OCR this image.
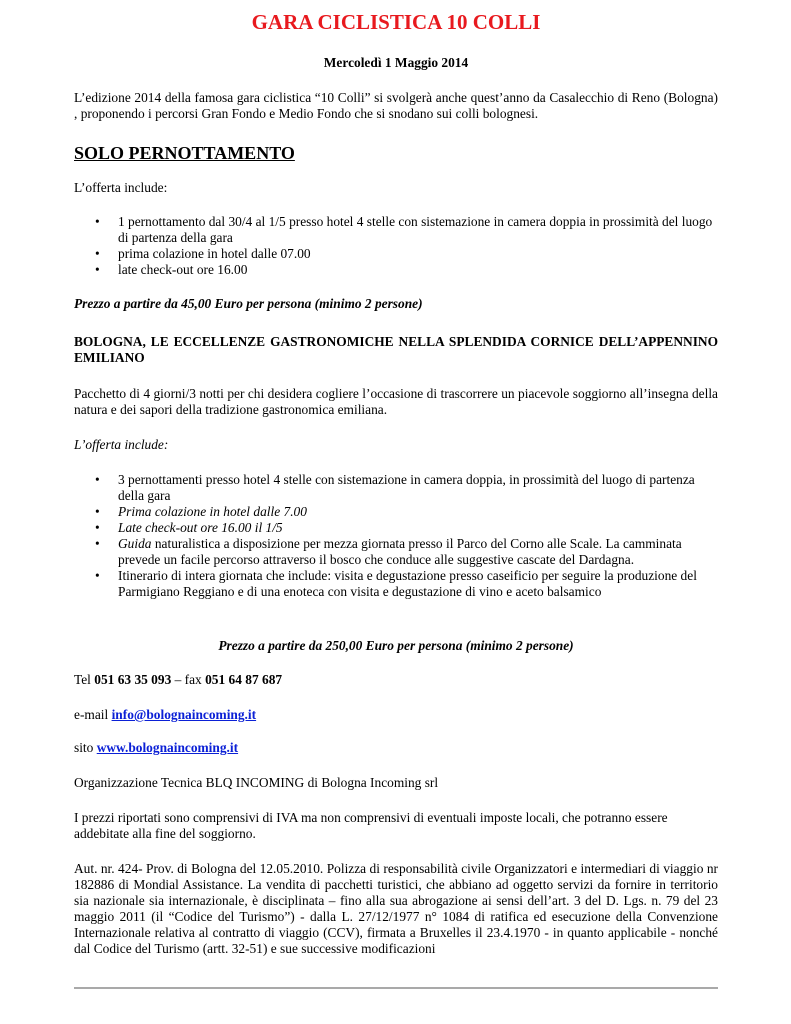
GARA CICLISTICA 10 COLLI
Mercoledì 1 Maggio 2014
L’edizione 2014 della famosa gara ciclistica “10 Colli” si svolgerà anche quest’anno da Casalecchio di Reno (Bologna) , proponendo i percorsi Gran Fondo e Medio Fondo che si snodano sui colli bolognesi.
SOLO PERNOTTAMENTO
L’offerta include:
• 1 pernottamento dal 30/4 al 1/5 presso hotel 4 stelle con sistemazione in camera doppia in prossimità del luogo di partenza della gara
• prima colazione in hotel dalle 07.00
• late check-out ore 16.00
Prezzo a partire da 45,00 Euro per persona (minimo 2 persone)
BOLOGNA, LE ECCELLENZE GASTRONOMICHE NELLA SPLENDIDA CORNICE DELL’APPENNINO EMILIANO
Pacchetto di 4 giorni/3 notti per chi desidera cogliere l’occasione di trascorrere un piacevole soggiorno all’insegna della natura e dei sapori della tradizione gastronomica emiliana.
L’offerta include:
• 3 pernottamenti presso hotel 4 stelle con sistemazione in camera doppia, in prossimità del luogo di partenza della gara
• Prima colazione in hotel dalle 7.00
• Late check-out ore 16.00 il 1/5
• Guida naturalistica a disposizione per mezza giornata presso il Parco del Corno alle Scale. La camminata prevede un facile percorso attraverso il bosco che conduce alle suggestive cascate del Dardagna.
• Itinerario di intera giornata che include: visita e degustazione presso caseificio per seguire la produzione del Parmigiano Reggiano e di una enoteca con visita e degustazione di vino e aceto balsamico
Prezzo a partire da 250,00 Euro per persona (minimo 2 persone)
Tel 051 63 35 093 – fax 051 64 87 687
e-mail info@bolognaincoming.it
sito www.bolognaincoming.it
Organizzazione Tecnica BLQ INCOMING di Bologna Incoming srl
I prezzi riportati sono comprensivi di IVA ma non comprensivi di eventuali imposte locali, che potranno essere addebitate alla fine del soggiorno.
Aut. nr. 424- Prov. di Bologna del 12.05.2010. Polizza di responsabilità civile Organizzatori e intermediari di viaggio nr 182886 di Mondial Assistance. La vendita di pacchetti turistici, che abbiano ad oggetto servizi da fornire in territorio sia nazionale sia internazionale, è disciplinata – fino alla sua abrogazione ai sensi dell’art. 3 del D. Lgs. n. 79 del 23 maggio 2011 (il “Codice del Turismo”) - dalla L. 27/12/1977 n° 1084 di ratifica ed esecuzione della Convenzione Internazionale relativa al contratto di viaggio (CCV), firmata a Bruxelles il 23.4.1970 - in quanto applicabile - nonché dal Codice del Turismo (artt. 32-51) e sue successive modificazioni
